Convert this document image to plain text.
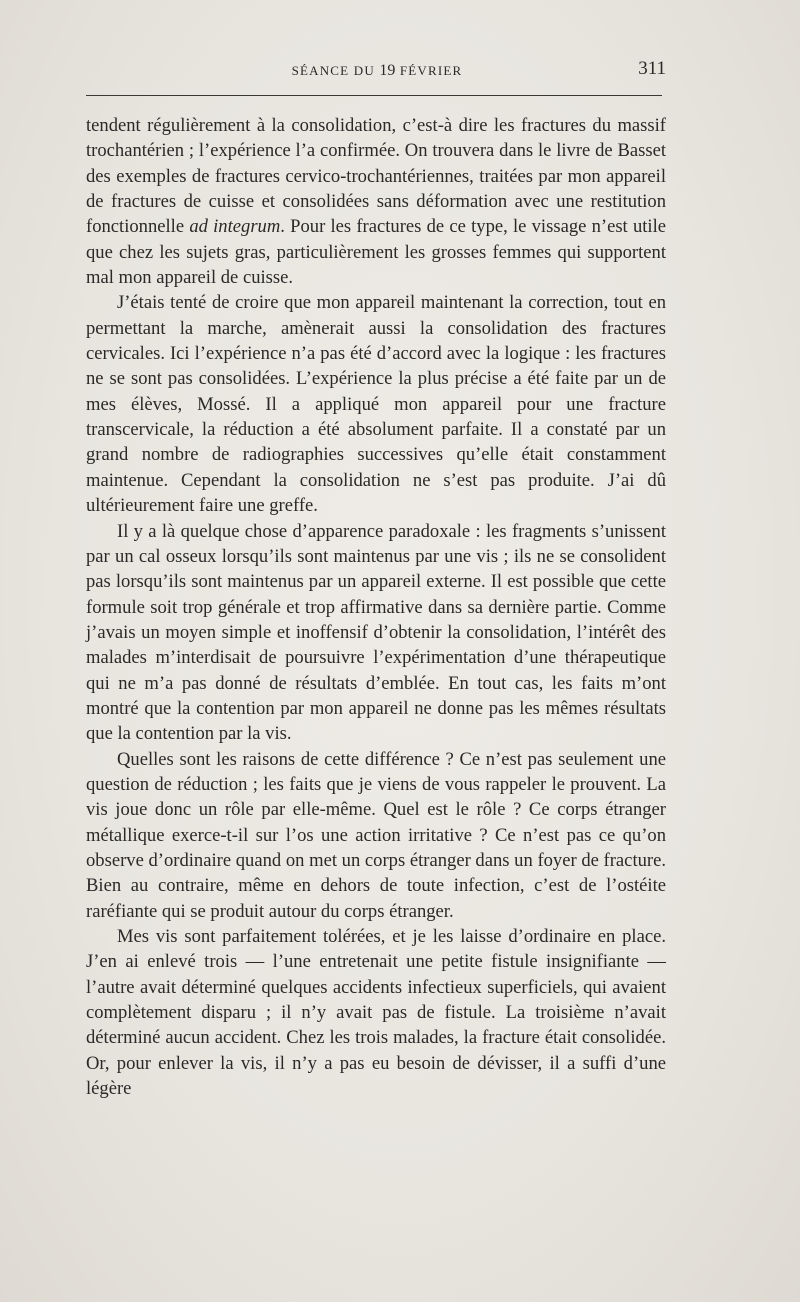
SÉANCE DU 19 FÉVRIER	311

tendent régulièrement à la consolidation, c’est-à dire les fractures du massif trochantérien ; l’expérience l’a confirmée. On trouvera dans le livre de Basset des exemples de fractures cervico-trochantériennes, traitées par mon appareil de fractures de cuisse et consolidées sans déformation avec une restitution fonctionnelle ad integrum. Pour les fractures de ce type, le vissage n’est utile que chez les sujets gras, particulièrement les grosses femmes qui supportent mal mon appareil de cuisse.

J’étais tenté de croire que mon appareil maintenant la correction, tout en permettant la marche, amènerait aussi la consolidation des fractures cervicales. Ici l’expérience n’a pas été d’accord avec la logique : les fractures ne se sont pas consolidées. L’expérience la plus précise a été faite par un de mes élèves, Mossé. Il a appliqué mon appareil pour une fracture transcervicale, la réduction a été absolument parfaite. Il a constaté par un grand nombre de radiographies successives qu’elle était constamment maintenue. Cependant la consolidation ne s’est pas produite. J’ai dû ultérieurement faire une greffe.

Il y a là quelque chose d’apparence paradoxale : les fragments s’unissent par un cal osseux lorsqu’ils sont maintenus par une vis ; ils ne se consolident pas lorsqu’ils sont maintenus par un appareil externe. Il est possible que cette formule soit trop générale et trop affirmative dans sa dernière partie. Comme j’avais un moyen simple et inoffensif d’obtenir la consolidation, l’intérêt des malades m’interdisait de poursuivre l’expérimentation d’une thérapeutique qui ne m’a pas donné de résultats d’emblée. En tout cas, les faits m’ont montré que la contention par mon appareil ne donne pas les mêmes résultats que la contention par la vis.

Quelles sont les raisons de cette différence ? Ce n’est pas seulement une question de réduction ; les faits que je viens de vous rappeler le prouvent. La vis joue donc un rôle par elle-même. Quel est le rôle ? Ce corps étranger métallique exerce-t-il sur l’os une action irritative ? Ce n’est pas ce qu’on observe d’ordinaire quand on met un corps étranger dans un foyer de fracture. Bien au contraire, même en dehors de toute infection, c’est de l’ostéite raréfiante qui se produit autour du corps étranger.

Mes vis sont parfaitement tolérées, et je les laisse d’ordinaire en place. J’en ai enlevé trois — l’une entretenait une petite fistule insignifiante — l’autre avait déterminé quelques accidents infectieux superficiels, qui avaient complètement disparu ; il n’y avait pas de fistule. La troisième n’avait déterminé aucun accident. Chez les trois malades, la fracture était consolidée. Or, pour enlever la vis, il n’y a pas eu besoin de dévisser, il a suffi d’une légère
